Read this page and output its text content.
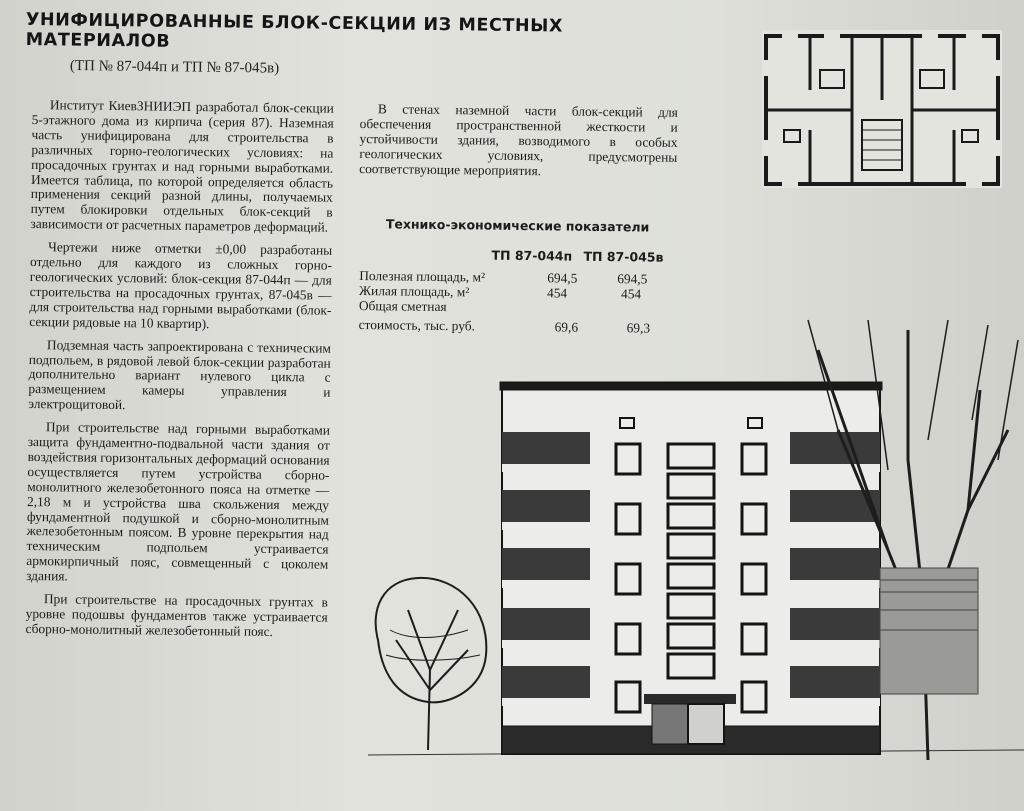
УНИФИЦИРОВАННЫЕ БЛОК-СЕКЦИИ ИЗ МЕСТНЫХ МАТЕРИАЛОВ
(ТП № 87-044п и ТП № 87-045в)

Институт КиевЗНИИЭП разработал блок-секции 5-этажного дома из кирпича (серия 87). Наземная часть унифицирована для строительства в различных горно-геологических условиях: на просадочных грунтах и над горными выработками. Имеется таблица, по которой определяется область применения секций разной длины, получаемых путем блокировки отдельных блок-секций в зависимости от расчетных параметров деформаций.

Чертежи ниже отметки ±0,00 разработаны отдельно для каждого из сложных горно-геологических условий: блок-секция 87-044п — для строительства на просадочных грунтах, 87-045в — для строительства над горными выработками (блок-секции рядовые на 10 квартир).

Подземная часть запроектирована с техническим подпольем, в рядовой левой блок-секции разработан дополнительно вариант нулевого цикла с размещением камеры управления и электрощитовой.

При строительстве над горными выработками защита фундаментно-подвальной части здания от воздействия горизонтальных деформаций основания осуществляется путем устройства сборно-монолитного железобетонного пояса на отметке —2,18 м и устройства шва скольжения между фундаментной подушкой и сборно-монолитным железобетонным поясом. В уровне перекрытия над техническим подпольем устраивается армокирпичный пояс, совмещенный с цоколем здания.

При строительстве на просадочных грунтах в уровне подошвы фундаментов также устраивается сборно-монолитный железобетонный пояс.

В стенах наземной части блок-секций для обеспечения пространственной жесткости и устойчивости здания, возводимого в особых геологических условиях, предусмотрены соответствующие мероприятия.

Технико-экономические показатели
ТП 87-044п ТП 87-045в
Полезная площадь, м²	694,5	694,5
Жилая площадь, м²	454	454
Общая сметная
стоимость, тыс. руб.	69,6	69,3
